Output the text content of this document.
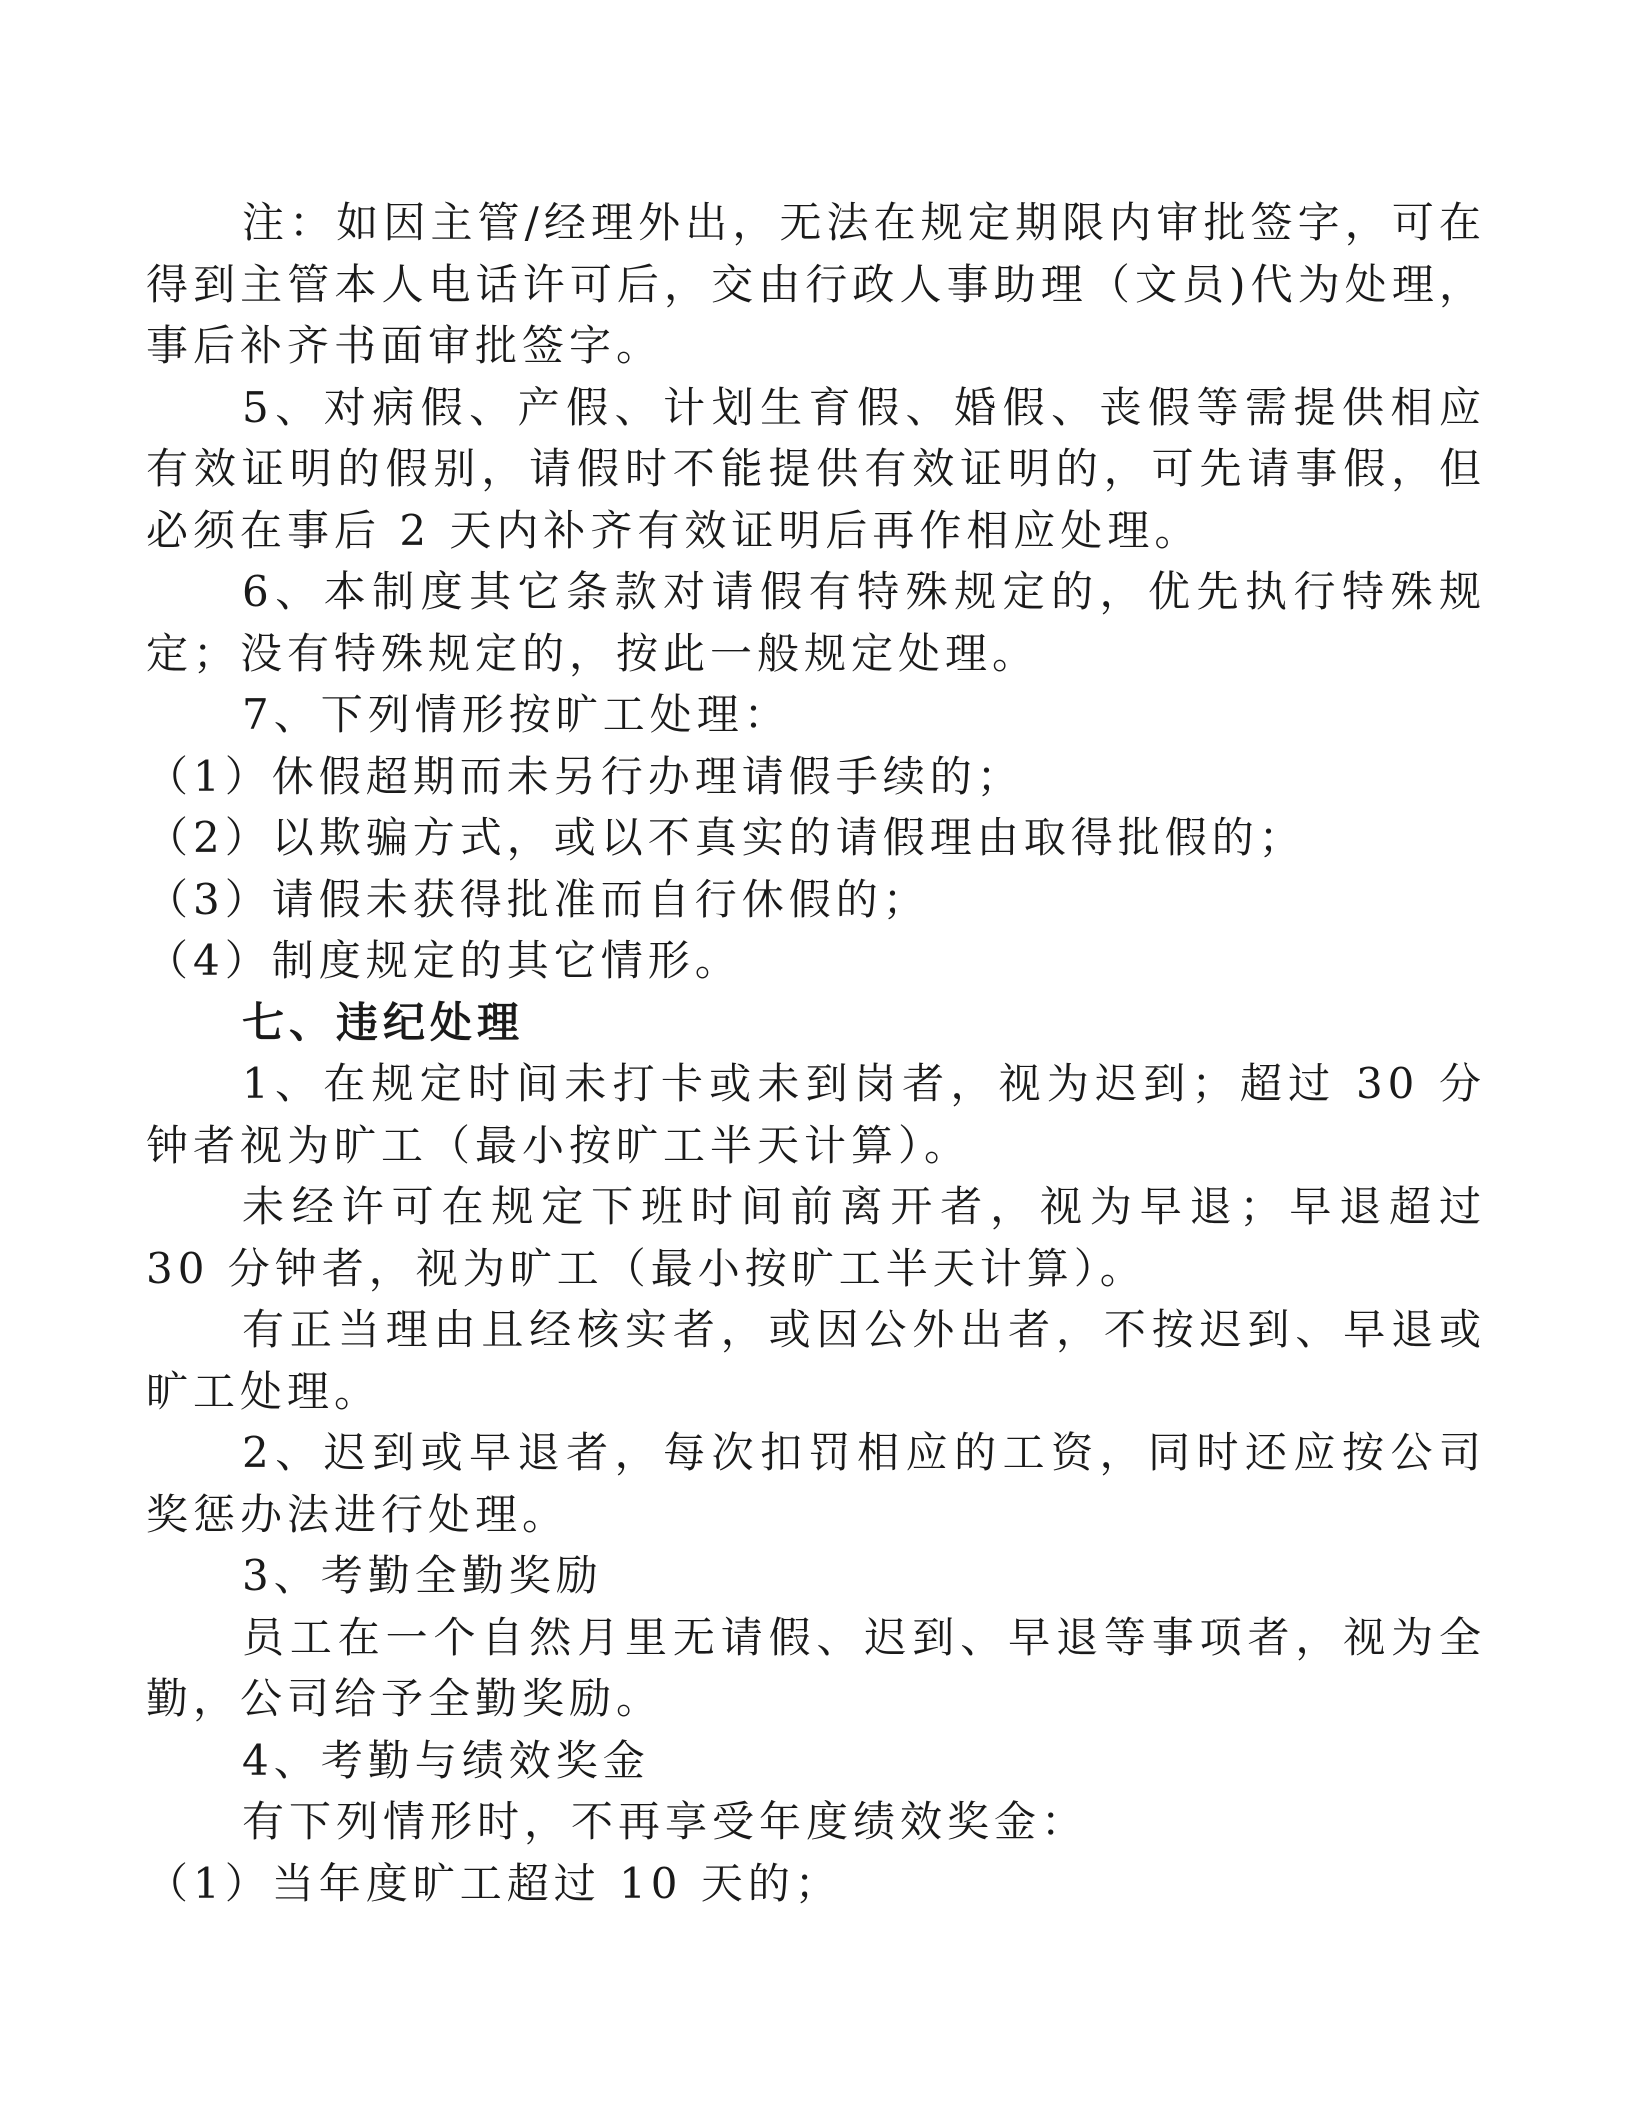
注：如因主管/经理外出，无法在规定期限内审批签字，可在得到主管本人电话许可后，交由行政人事助理（文员)代为处理，事后补齐书面审批签字。

5、对病假、产假、计划生育假、婚假、丧假等需提供相应有效证明的假别，请假时不能提供有效证明的，可先请事假，但必须在事后 2 天内补齐有效证明后再作相应处理。

6、本制度其它条款对请假有特殊规定的，优先执行特殊规定；没有特殊规定的，按此一般规定处理。

7、下列情形按旷工处理：

（1）休假超期而未另行办理请假手续的；

（2）以欺骗方式，或以不真实的请假理由取得批假的；

（3）请假未获得批准而自行休假的；

（4）制度规定的其它情形。

七、违纪处理

1、在规定时间未打卡或未到岗者，视为迟到；超过 30 分钟者视为旷工（最小按旷工半天计算）。

未经许可在规定下班时间前离开者，视为早退；早退超过 30 分钟者，视为旷工（最小按旷工半天计算）。

有正当理由且经核实者，或因公外出者，不按迟到、早退或旷工处理。

2、迟到或早退者，每次扣罚相应的工资，同时还应按公司奖惩办法进行处理。

3、考勤全勤奖励

员工在一个自然月里无请假、迟到、早退等事项者，视为全勤，公司给予全勤奖励。

4、考勤与绩效奖金

有下列情形时，不再享受年度绩效奖金：

（1）当年度旷工超过 10 天的；
